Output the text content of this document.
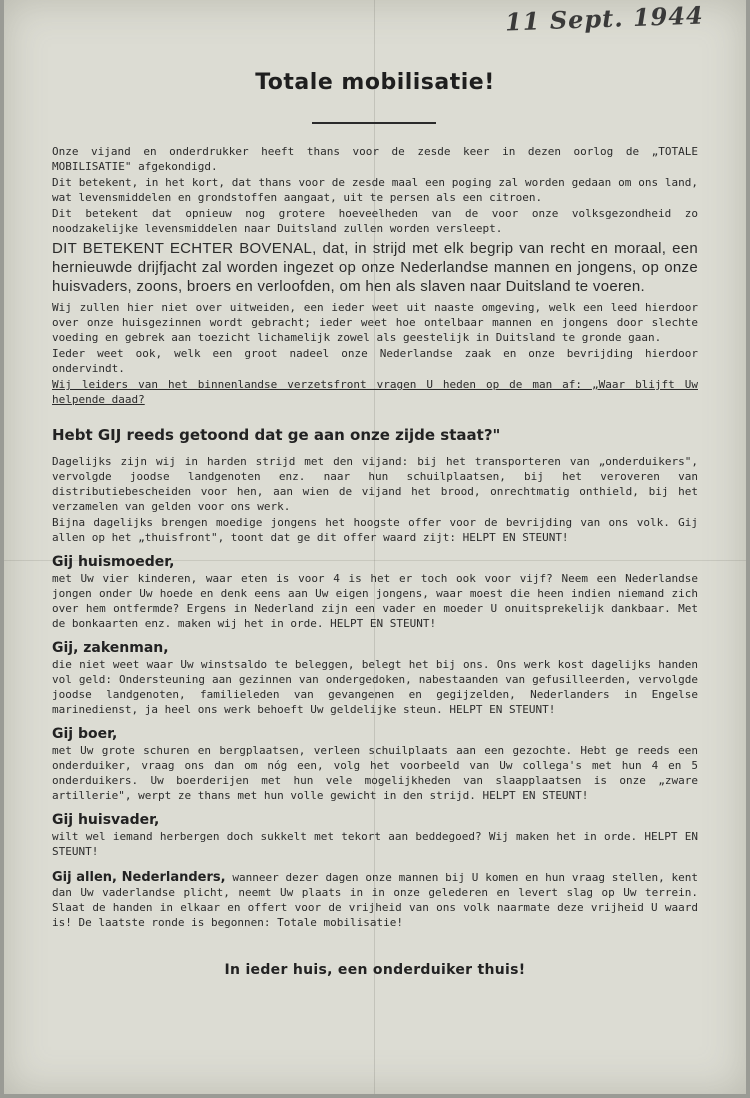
11 Sept. 1944
Totale mobilisatie!

Onze vijand en onderdrukker heeft thans voor de zesde keer in dezen oorlog de „TOTALE MOBILISATIE" afgekondigd.

Dit betekent, in het kort, dat thans voor de zesde maal een poging zal worden gedaan om ons land, wat levensmiddelen en grondstoffen aangaat, uit te persen als een citroen.

Dit betekent dat opnieuw nog grotere hoeveelheden van de voor onze volksgezondheid zo noodzakelijke levensmiddelen naar Duitsland zullen worden versleept.

DIT BETEKENT ECHTER BOVENAL, dat, in strijd met elk begrip van recht en moraal, een hernieuwde drijfjacht zal worden ingezet op onze Nederlandse mannen en jongens, op onze huisvaders, zoons, broers en verloofden, om hen als slaven naar Duitsland te voeren.

Wij zullen hier niet over uitweiden, een ieder weet uit naaste omgeving, welk een leed hierdoor over onze huisgezinnen wordt gebracht; ieder weet hoe ontelbaar mannen en jongens door slechte voeding en gebrek aan toezicht lichamelijk zowel als geestelijk in Duitsland te gronde gaan.

Ieder weet ook, welk een groot nadeel onze Nederlandse zaak en onze bevrijding hierdoor ondervindt.

Wij leiders van het binnenlandse verzetsfront vragen U heden op de man af: „Waar blijft Uw helpende daad?

Hebt GIJ reeds getoond dat ge aan onze zijde staat?"

Dagelijks zijn wij in harden strijd met den vijand: bij het transporteren van „onderduikers", vervolgde joodse landgenoten enz. naar hun schuilplaatsen, bij het veroveren van distributiebescheiden voor hen, aan wien de vijand het brood, onrechtmatig onthield, bij het verzamelen van gelden voor ons werk.

Bijna dagelijks brengen moedige jongens het hoogste offer voor de bevrijding van ons volk. Gij allen op het „thuisfront", toont dat ge dit offer waard zijt: HELPT EN STEUNT!

Gij huismoeder,

met Uw vier kinderen, waar eten is voor 4 is het er toch ook voor vijf? Neem een Nederlandse jongen onder Uw hoede en denk eens aan Uw eigen jongens, waar moest die heen indien niemand zich over hem ontfermde? Ergens in Nederland zijn een vader en moeder U onuitsprekelijk dankbaar. Met de bonkaarten enz. maken wij het in orde. HELPT EN STEUNT!

Gij, zakenman,

die niet weet waar Uw winstsaldo te beleggen, belegt het bij ons. Ons werk kost dagelijks handen vol geld: Ondersteuning aan gezinnen van ondergedoken, nabestaanden van gefusilleerden, vervolgde joodse landgenoten, familieleden van gevangenen en gegijzelden, Nederlanders in Engelse marinedienst, ja heel ons werk behoeft Uw geldelijke steun. HELPT EN STEUNT!

Gij boer,

met Uw grote schuren en bergplaatsen, verleen schuilplaats aan een gezochte. Hebt ge reeds een onderduiker, vraag ons dan om nóg een, volg het voorbeeld van Uw collega's met hun 4 en 5 onderduikers. Uw boerderijen met hun vele mogelijkheden van slaapplaatsen is onze „zware artillerie", werpt ze thans met hun volle gewicht in den strijd. HELPT EN STEUNT!

Gij huisvader,

wilt wel iemand herbergen doch sukkelt met tekort aan beddegoed? Wij maken het in orde. HELPT EN STEUNT!

Gij allen, Nederlanders, wanneer dezer dagen onze mannen bij U komen en hun vraag stellen, kent dan Uw vaderlandse plicht, neemt Uw plaats in in onze gelederen en levert slag op Uw terrein. Slaat de handen in elkaar en offert voor de vrijheid van ons volk naarmate deze vrijheid U waard is! De laatste ronde is begonnen: Totale mobilisatie!

In ieder huis, een onderduiker thuis!
